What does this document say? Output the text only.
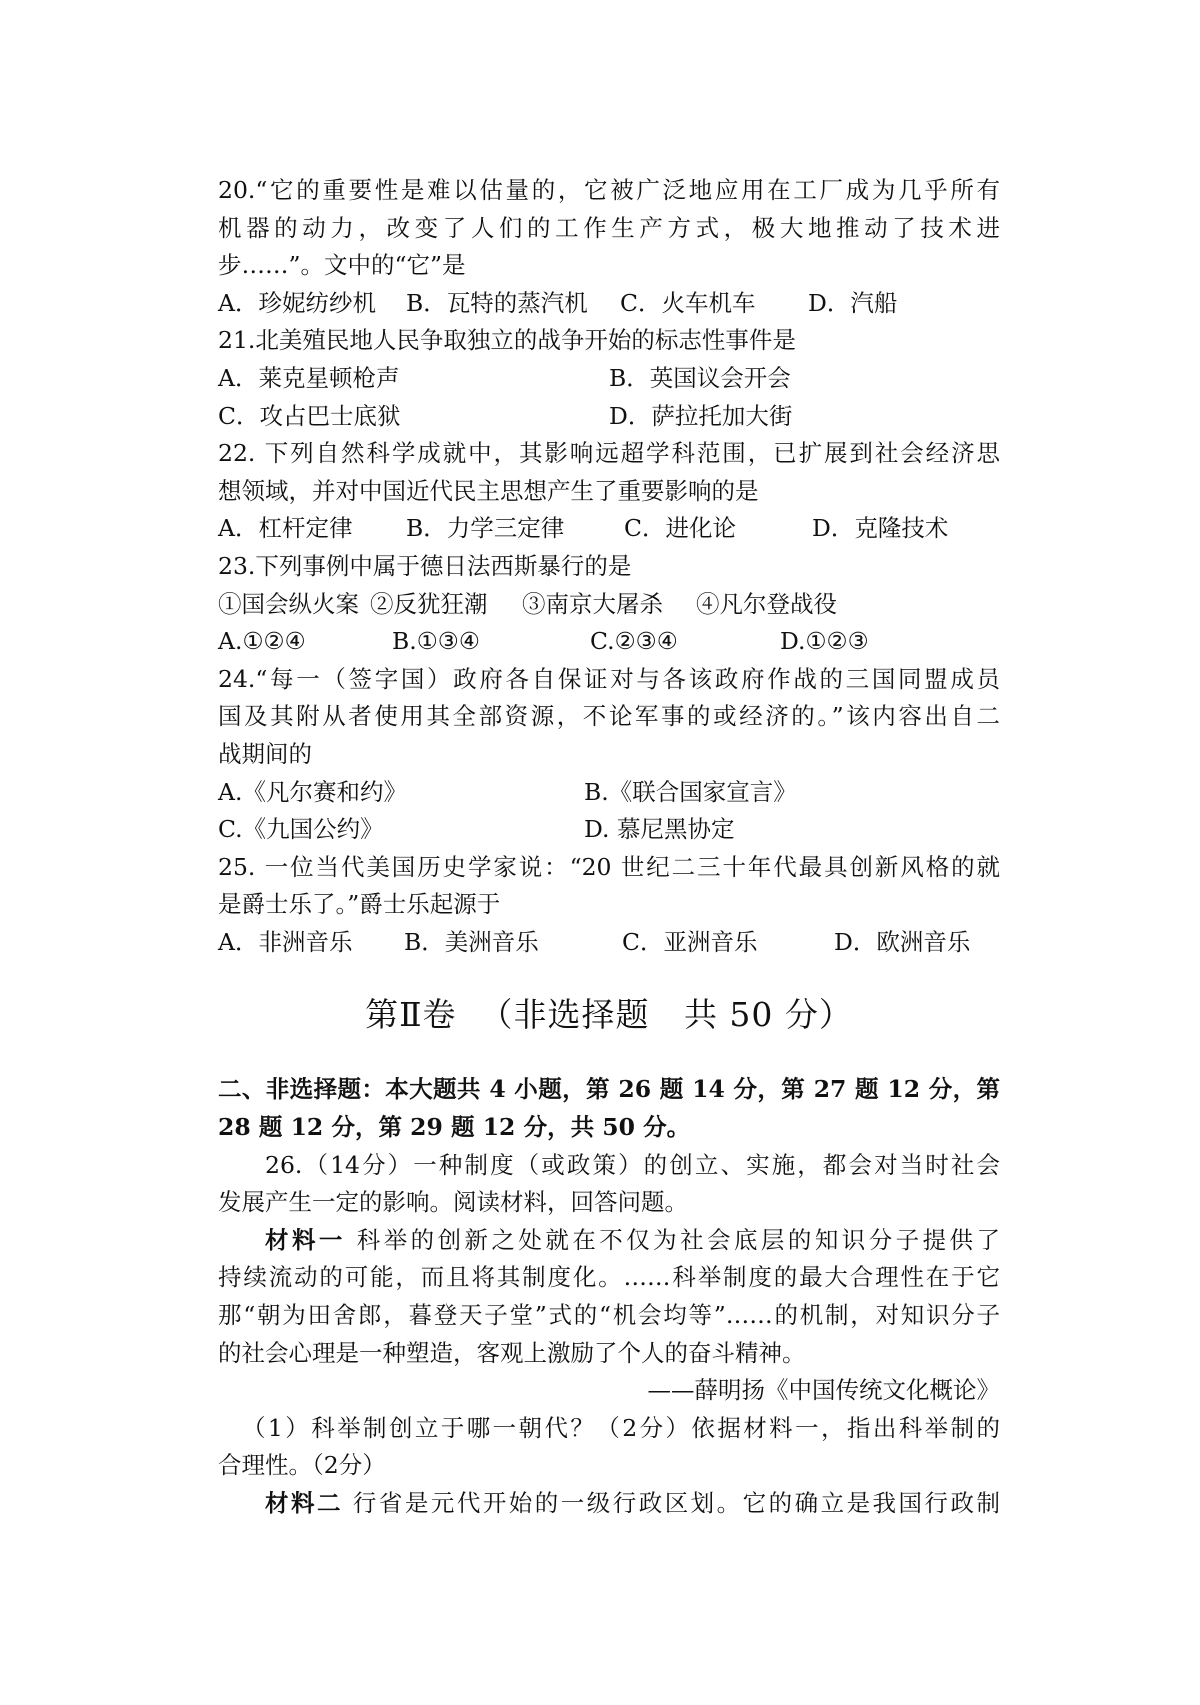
20.“它的重要性是难以估量的，它被广泛地应用在工厂成为几乎所有
机器的动力，改变了人们的工作生产方式，极大地推动了技术进
步……”。文中的“它”是
A．珍妮纺纱机	B．瓦特的蒸汽机	C．火车机车	D．汽船
21.北美殖民地人民争取独立的战争开始的标志性事件是
A．莱克星顿枪声	B．英国议会开会
C．攻占巴士底狱	D．萨拉托加大街
22. 下列自然科学成就中，其影响远超学科范围，已扩展到社会经济思
想领域，并对中国近代民主思想产生了重要影响的是
A．杠杆定律	B．力学三定律	C．进化论	D．克隆技术
23.下列事例中属于德日法西斯暴行的是
①国会纵火案 ②反犹狂潮	③南京大屠杀	④凡尔登战役
A.①②④	B.①③④	C.②③④	D.①②③
24.“每一（签字国）政府各自保证对与各该政府作战的三国同盟成员
国及其附从者使用其全部资源，不论军事的或经济的。”该内容出自二
战期间的
A.《凡尔赛和约》	B.《联合国家宣言》
C.《九国公约》	D. 慕尼黑协定
25. 一位当代美国历史学家说：“20 世纪二三十年代最具创新风格的就
是爵士乐了。”爵士乐起源于
A．非洲音乐	B．美洲音乐	C．亚洲音乐	D．欧洲音乐
第Ⅱ卷  （非选择题   共 50 分）
二、非选择题：本大题共 4 小题，第 26 题 14 分，第 27 题 12 分，第
28 题 12 分，第 29 题 12 分，共 50 分。
26.（14分）一种制度（或政策）的创立、实施，都会对当时社会
发展产生一定的影响。阅读材料，回答问题。
材料一 科举的创新之处就在不仅为社会底层的知识分子提供了
持续流动的可能，而且将其制度化。……科举制度的最大合理性在于它
那“朝为田舍郎，暮登天子堂”式的“机会均等”……的机制，对知识分子
的社会心理是一种塑造，客观上激励了个人的奋斗精神。
——薛明扬《中国传统文化概论》
（1）科举制创立于哪一朝代？（2分）依据材料一，指出科举制的
合理性。（2分）
材料二 行省是元代开始的一级行政区划。它的确立是我国行政制
